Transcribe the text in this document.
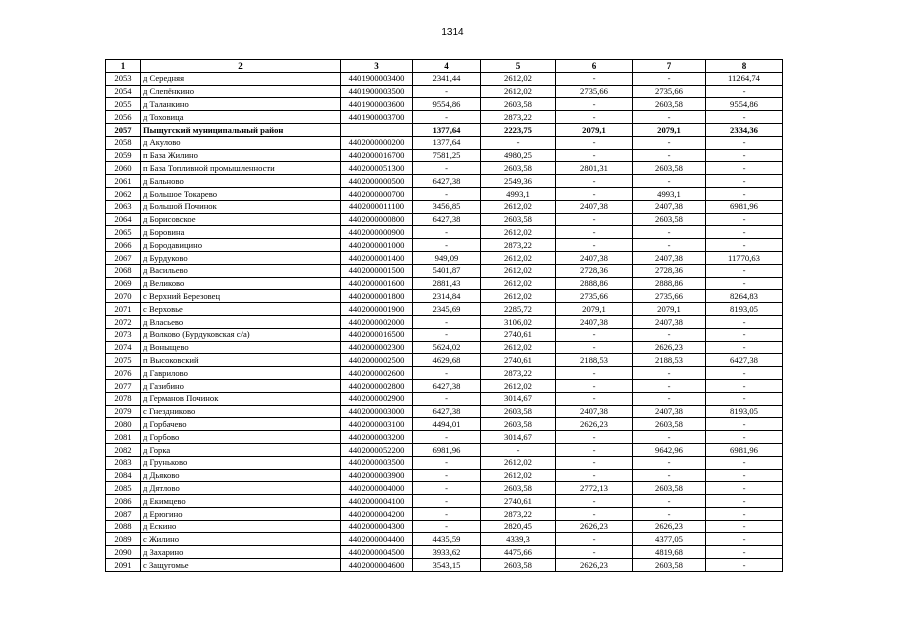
1314
1	2	3	4	5	6	7	8
2053	д Середняя	4401900003400	2341,44	2612,02	-	-	11264,74
2054	д Слепёнкино	4401900003500	-	2612,02	2735,66	2735,66	-
2055	д Таланкино	4401900003600	9554,86	2603,58	-	2603,58	9554,86
2056	д Тоховица	4401900003700	-	2873,22	-	-	-
2057	Пыщугский муниципальный район		1377,64	2223,75	2079,1	2079,1	2334,36
2058	д Акулово	4402000000200	1377,64	-	-	-	-
2059	п База Жилино	4402000016700	7581,25	4980,25	-	-	-
2060	п База Топливной промышленности	4402000051300	-	2603,58	2801,31	2603,58	-
2061	д Бальново	4402000000500	6427,38	2549,36	-	-	-
2062	д Большое Токарево	4402000000700	-	4993,1	-	4993,1	-
2063	д Большой Починок	4402000011100	3456,85	2612,02	2407,38	2407,38	6981,96
2064	д Борисовское	4402000000800	6427,38	2603,58	-	2603,58	-
2065	д Боровина	4402000000900	-	2612,02	-	-	-
2066	д Бородавицино	4402000001000	-	2873,22	-	-	-
2067	д Бурдуково	4402000001400	949,09	2612,02	2407,38	2407,38	11770,63
2068	д Васильево	4402000001500	5401,87	2612,02	2728,36	2728,36	-
2069	д Великово	4402000001600	2881,43	2612,02	2888,86	2888,86	-
2070	с Верхний Березовец	4402000001800	2314,84	2612,02	2735,66	2735,66	8264,83
2071	с Верховье	4402000001900	2345,69	2285,72	2079,1	2079,1	8193,05
2072	д Власьево	4402000002000	-	3106,02	2407,38	2407,38	-
2073	д Волково (Бурдуковская с/а)	4402000016500	-	2740,61	-	-	-
2074	д Воныщево	4402000002300	5624,02	2612,02	-	2626,23	-
2075	п Высоковский	4402000002500	4629,68	2740,61	2188,53	2188,53	6427,38
2076	д Гаврилово	4402000002600	-	2873,22	-	-	-
2077	д Газибино	4402000002800	6427,38	2612,02	-	-	-
2078	д Германов Починок	4402000002900	-	3014,67	-	-	-
2079	с Гнездниково	4402000003000	6427,38	2603,58	2407,38	2407,38	8193,05
2080	д Горбачево	4402000003100	4494,01	2603,58	2626,23	2603,58	-
2081	д Горбово	4402000003200	-	3014,67	-	-	-
2082	д Горка	4402000052200	6981,96	-	-	9642,96	6981,96
2083	д Груньково	4402000003500	-	2612,02	-	-	-
2084	д Дьяково	4402000003900	-	2612,02	-	-	-
2085	д Дятлово	4402000004000	-	2603,58	2772,13	2603,58	-
2086	д Екимцево	4402000004100	-	2740,61	-	-	-
2087	д Ерюгино	4402000004200	-	2873,22	-	-	-
2088	д Ескино	4402000004300	-	2820,45	2626,23	2626,23	-
2089	с Жилино	4402000004400	4435,59	4339,3	-	4377,05	-
2090	д Захарино	4402000004500	3933,62	4475,66	-	4819,68	-
2091	с Защугомье	4402000004600	3543,15	2603,58	2626,23	2603,58	-
